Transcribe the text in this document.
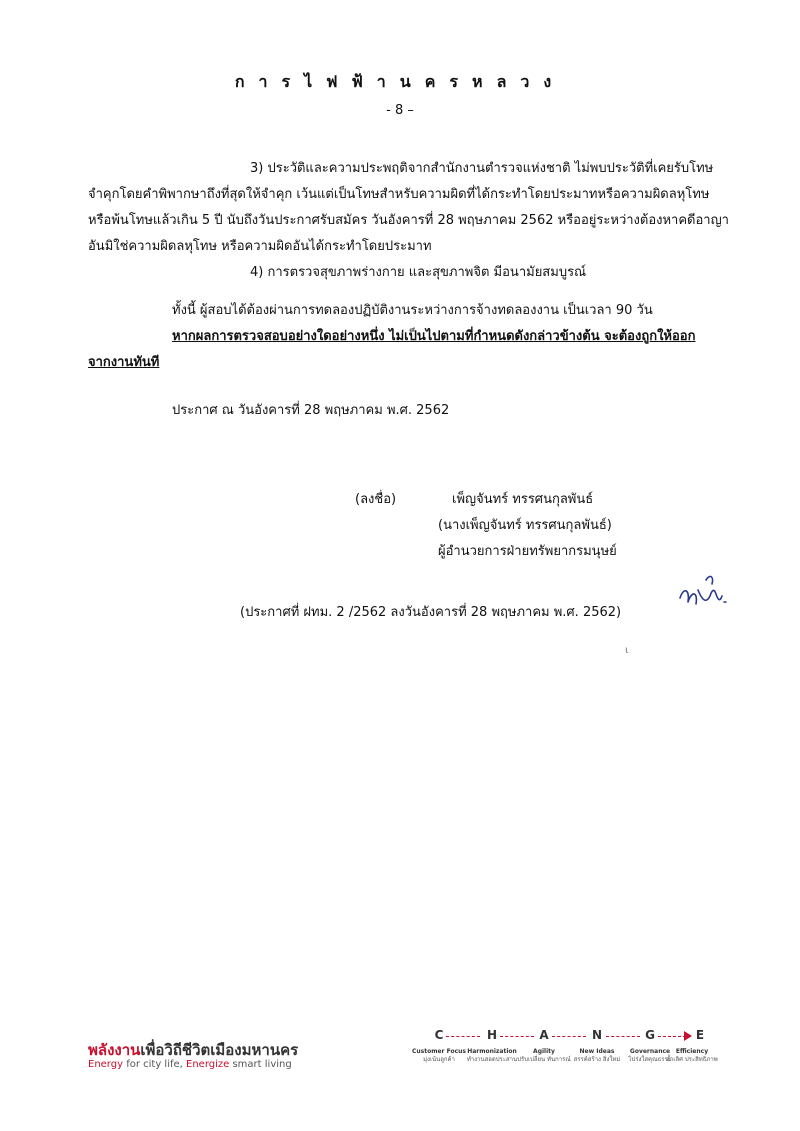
การไฟฟ้านครหลวง
- 8 –
3) ประวัติและความประพฤติจากสำนักงานตำรวจแห่งชาติ ไม่พบประวัติที่เคยรับโทษ
จำคุกโดยคำพิพากษาถึงที่สุดให้จำคุก เว้นแต่เป็นโทษสำหรับความผิดที่ได้กระทำโดยประมาทหรือความผิดลหุโทษ
หรือพ้นโทษแล้วเกิน 5 ปี นับถึงวันประกาศรับสมัคร วันอังคารที่ 28 พฤษภาคม 2562 หรืออยู่ระหว่างต้องหาคดีอาญา
อันมิใช่ความผิดลหุโทษ หรือความผิดอันได้กระทำโดยประมาท
4) การตรวจสุขภาพร่างกาย และสุขภาพจิต มีอนามัยสมบูรณ์
ทั้งนี้ ผู้สอบได้ต้องผ่านการทดลองปฏิบัติงานระหว่างการจ้างทดลองงาน เป็นเวลา 90 วัน
หากผลการตรวจสอบอย่างใดอย่างหนึ่ง ไม่เป็นไปตามที่กำหนดดังกล่าวข้างต้น จะต้องถูกให้ออก
จากงานทันที
ประกาศ ณ วันอังคารที่ 28 พฤษภาคม พ.ศ. 2562
(ลงชื่อ)	เพ็ญจันทร์ ทรรศนกุลพันธ์
(นางเพ็ญจันทร์ ทรรศนกุลพันธ์)
ผู้อำนวยการฝ่ายทรัพยากรมนุษย์
(ประกาศที่ ฝทม. 2 /2562 ลงวันอังคารที่ 28 พฤษภาคม พ.ศ. 2562)
ι
พลังงานเพื่อวิถีชีวิตเมืองมหานคร
Energy for city life, Energize smart living
C	H	A	N	G	E
Customer Focus Harmonization	Agility	New Ideas	Governance Efficiency
มุ่งเน้นลูกค้า	ทำงานสอดประสาน ปรับเปลี่ยน ทันการณ์ สรรค์สร้าง สิ่งใหม่	โปร่งใสคุณธรรม
ล้ำเลิศ ประสิทธิภาพ
